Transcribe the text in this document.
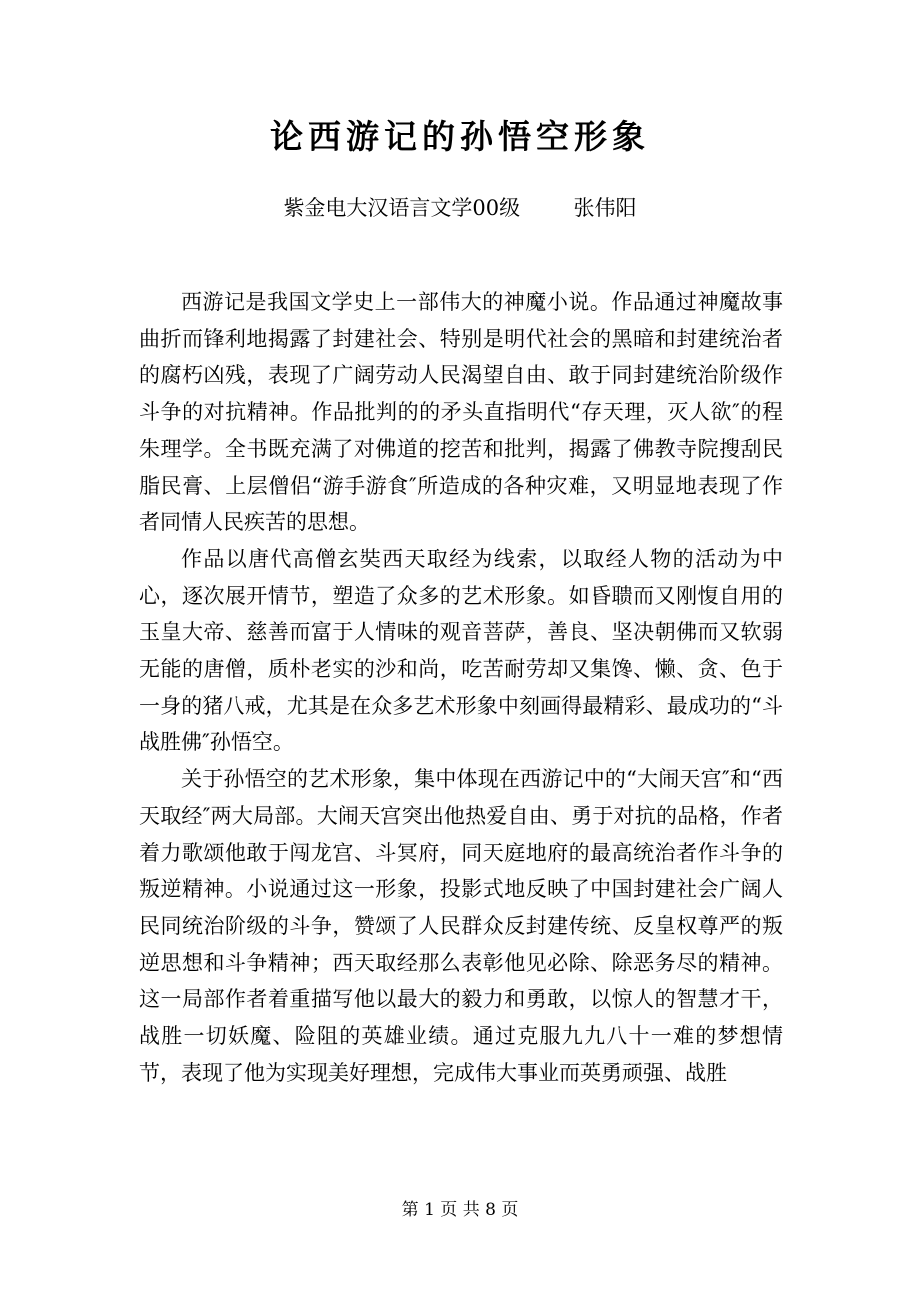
论西游记的孙悟空形象
紫金电大汉语言文学00级        张伟阳

西游记是我国文学史上一部伟大的神魔小说。作品通过神魔故事曲折而锋利地揭露了封建社会、特别是明代社会的黑暗和封建统治者的腐朽凶残，表现了广阔劳动人民渴望自由、敢于同封建统治阶级作斗争的对抗精神。作品批判的的矛头直指明代“存天理，灭人欲″的程朱理学。全书既充满了对佛道的挖苦和批判，揭露了佛教寺院搜刮民脂民膏、上层僧侣“游手游食″所造成的各种灾难，又明显地表现了作者同情人民疾苦的思想。

作品以唐代高僧玄奘西天取经为线索，以取经人物的活动为中心，逐次展开情节，塑造了众多的艺术形象。如昏聩而又刚愎自用的玉皇大帝、慈善而富于人情味的观音菩萨，善良、坚决朝佛而又软弱无能的唐僧，质朴老实的沙和尚，吃苦耐劳却又集馋、懒、贪、色于一身的猪八戒，尤其是在众多艺术形象中刻画得最精彩、最成功的“斗战胜佛″孙悟空。

关于孙悟空的艺术形象，集中体现在西游记中的“大闹天宫″和“西天取经″两大局部。大闹天宫突出他热爱自由、勇于对抗的品格，作者着力歌颂他敢于闯龙宫、斗冥府，同天庭地府的最高统治者作斗争的叛逆精神。小说通过这一形象，投影式地反映了中国封建社会广阔人民同统治阶级的斗争，赞颂了人民群众反封建传统、反皇权尊严的叛逆思想和斗争精神；西天取经那么表彰他见必除、除恶务尽的精神。这一局部作者着重描写他以最大的毅力和勇敢，以惊人的智慧才干，战胜一切妖魔、险阻的英雄业绩。通过克服九九八十一难的梦想情节，表现了他为实现美好理想，完成伟大事业而英勇顽强、战胜

第 1 页 共 8 页
